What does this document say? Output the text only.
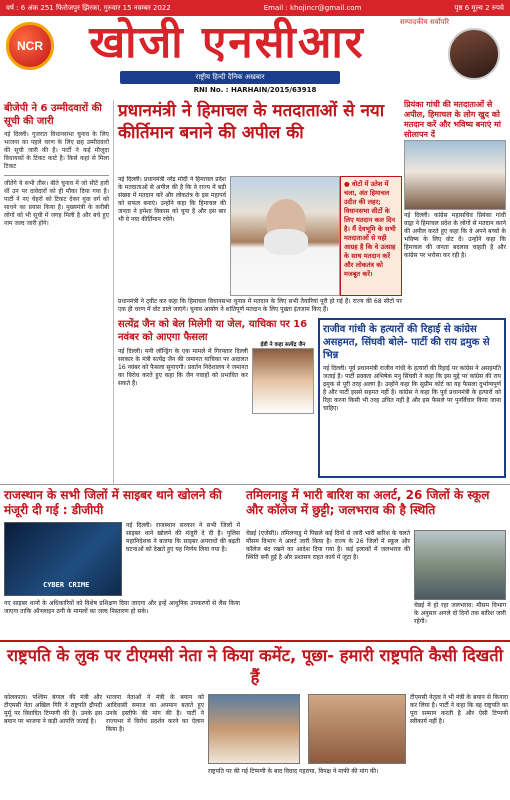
वर्ष : 6 अंक 251 फिरोजपुर झिरका, गुरुवार 15 नवम्बर 2022	Email : khojincr@gmail.com	पृष्ठ 6 मूल्य 2 रुपये
NCR	खोजी एनसीआर
राष्ट्रीय हिन्दी दैनिक अखबार
सम्पादकीय सर्वोपरि
RNI No. : HARHAIN/2015/63918
बीजेपी ने 6 उम्मीदवारों की सूची की जारी
नई दिल्ली। गुजरात विधानसभा चुनाव के लिए भाजपा का पहले चरण के लिए छह उम्मीदवारों की सूची जारी की है। पार्टी ने कई मौजूदा विधायकों के टिकट काटे हैं। किसे कहां से मिला टिकट
जीतेंगे ये सभी तीस। बीते चुनाव में जो सीटें हारी थीं उन पर दावेदारों को ही मौका दिया गया है। पार्टी ने नए चेहरों को टिकट देकर युवा वर्ग को साधने का प्रयास किया है। मुख्यमंत्री के करीबी लोगों को भी सूची में जगह मिली है और बचे हुए नाम जल्द जारी होंगे।
प्रधानमंत्री ने हिमाचल के मतदाताओं से नया कीर्तिमान बनाने की अपील की
नई दिल्ली। प्रधानमंत्री नरेंद्र मोदी ने हिमाचल प्रदेश के मतदाताओं से अपील की है कि वे राज्य में बड़ी संख्या में मतदान करें और लोकतंत्र के इस महापर्व को सफल बनाएं। उन्होंने कहा कि हिमाचल की जनता ने हमेशा विकास को चुना है और इस बार भी वे नया कीर्तिमान रचेंगे।
● वोटों में उतेश में चला, अंत हिमाचल उदीत की लहर; विधानसभा सीटों के लिए मतदान कल दिन है। मैं देवभूमि के सभी मतदाताओं से यही आग्रह है कि वे उत्साह के साथ मतदान करें और लोकतंत्र को मजबूत करें।
प्रधानमंत्री ने ट्वीट कर कहा कि हिमाचल विधानसभा चुनाव में मतदान के लिए सभी तैयारियां पूरी हो गई हैं। राज्य की 68 सीटों पर एक ही चरण में वोट डाले जाएंगे। चुनाव आयोग ने शांतिपूर्ण मतदान के लिए पुख्ता इंतजाम किए हैं।
प्रियंका गांधी की मतदाताओं से अपील, हिमाचल के लोग खुद को मतदान करें और भविष्य बनाएं मां सोलापन दें
नई दिल्ली। कांग्रेस महासचिव प्रियंका गांधी वाड्रा ने हिमाचल प्रदेश के लोगों से मतदान करने की अपील करते हुए कहा कि वे अपने बच्चों के भविष्य के लिए वोट दें। उन्होंने कहा कि हिमाचल की जनता बदलाव चाहती है और कांग्रेस पर भरोसा कर रही है।
सत्येंद्र जैन को बेल मिलेगी या जेल, याचिका पर 16 नवंबर को आएगा फैसला
नई दिल्ली। मनी लॉन्ड्रिंग के एक मामले में गिरफ्तार दिल्ली सरकार के मंत्री सत्येंद्र जैन की जमानत याचिका पर अदालत 16 नवंबर को फैसला सुनाएगी। प्रवर्तन निदेशालय ने जमानत का विरोध करते हुए कहा कि जैन गवाहों को प्रभावित कर सकते हैं।
ईडी ने कहा सत्येंद्र जैन
राजीव गांधी के हत्यारों की रिहाई से कांग्रेस असहमत, सिंघवी बोले- पार्टी की राय द्रमुक से भिन्न
नई दिल्ली। पूर्व प्रधानमंत्री राजीव गांधी के हत्यारों की रिहाई पर कांग्रेस ने असहमति जताई है। पार्टी प्रवक्ता अभिषेक मनु सिंघवी ने कहा कि इस मुद्दे पर कांग्रेस की राय द्रमुक से पूरी तरह अलग है। उन्होंने कहा कि सुप्रीम कोर्ट का यह फैसला दुर्भाग्यपूर्ण है और पार्टी इससे सहमत नहीं है। कांग्रेस ने कहा कि पूर्व प्रधानमंत्री के हत्यारों को रिहा करना किसी भी तरह उचित नहीं है और इस फैसले पर पुनर्विचार किया जाना चाहिए।
राजस्थान के सभी जिलों में साइबर थाने खोलने की मंजूरी दी गई : डीजीपी
CYBER CRIME
नई दिल्ली। राजस्थान सरकार ने सभी जिलों में साइबर थाने खोलने की मंजूरी दे दी है। पुलिस महानिदेशक ने बताया कि साइबर अपराधों की बढ़ती घटनाओं को देखते हुए यह निर्णय लिया गया है।
नए साइबर थानों के अधिकारियों को विशेष प्रशिक्षण दिया जाएगा और इन्हें आधुनिक उपकरणों से लैस किया जाएगा ताकि ऑनलाइन ठगी के मामलों का जल्द निस्तारण हो सके।
तमिलनाडु में भारी बारिश का अलर्ट, 26 जिलों के स्कूल और कॉलेज में छुट्टी; जलभराव की है स्थिति
चेन्नई (एजेंसी)। तमिलनाडु में पिछले कई दिनों से जारी भारी बारिश के चलते मौसम विभाग ने अलर्ट जारी किया है। राज्य के 26 जिलों में स्कूल और कॉलेज बंद रखने का आदेश दिया गया है। कई इलाकों में जलभराव की स्थिति बनी हुई है और प्रशासन राहत कार्य में जुटा है।
चेन्नई में हो रहा जलभराव: मौसम विभाग के अनुसार अगले दो दिनों तक बारिश जारी रहेगी।
राष्ट्रपति के लुक पर टीएमसी नेता ने किया कमेंट, पूछा- हमारी राष्ट्रपति कैसी दिखती हैं
कोलकाता। पश्चिम बंगाल की मंत्री और टीएमसी नेता अखिल गिरि ने राष्ट्रपति द्रौपदी मुर्मू पर विवादित टिप्पणी की है। उनके इस बयान पर भाजपा ने कड़ी आपत्ति जताई है।
भाजपा नेताओं ने मंत्री के बयान को आदिवासी समाज का अपमान बताते हुए उनके इस्तीफे की मांग की है। पार्टी ने राज्यभर में विरोध प्रदर्शन करने का ऐलान किया है।
टीएमसी नेतृत्व ने भी मंत्री के बयान से किनारा कर लिया है। पार्टी ने कहा कि वह राष्ट्रपति का पूरा सम्मान करती है और ऐसी टिप्पणी स्वीकार्य नहीं है।
राष्ट्रपति पर की गई टिप्पणी के बाद विवाद गहराया, विपक्ष ने माफी की मांग की।
